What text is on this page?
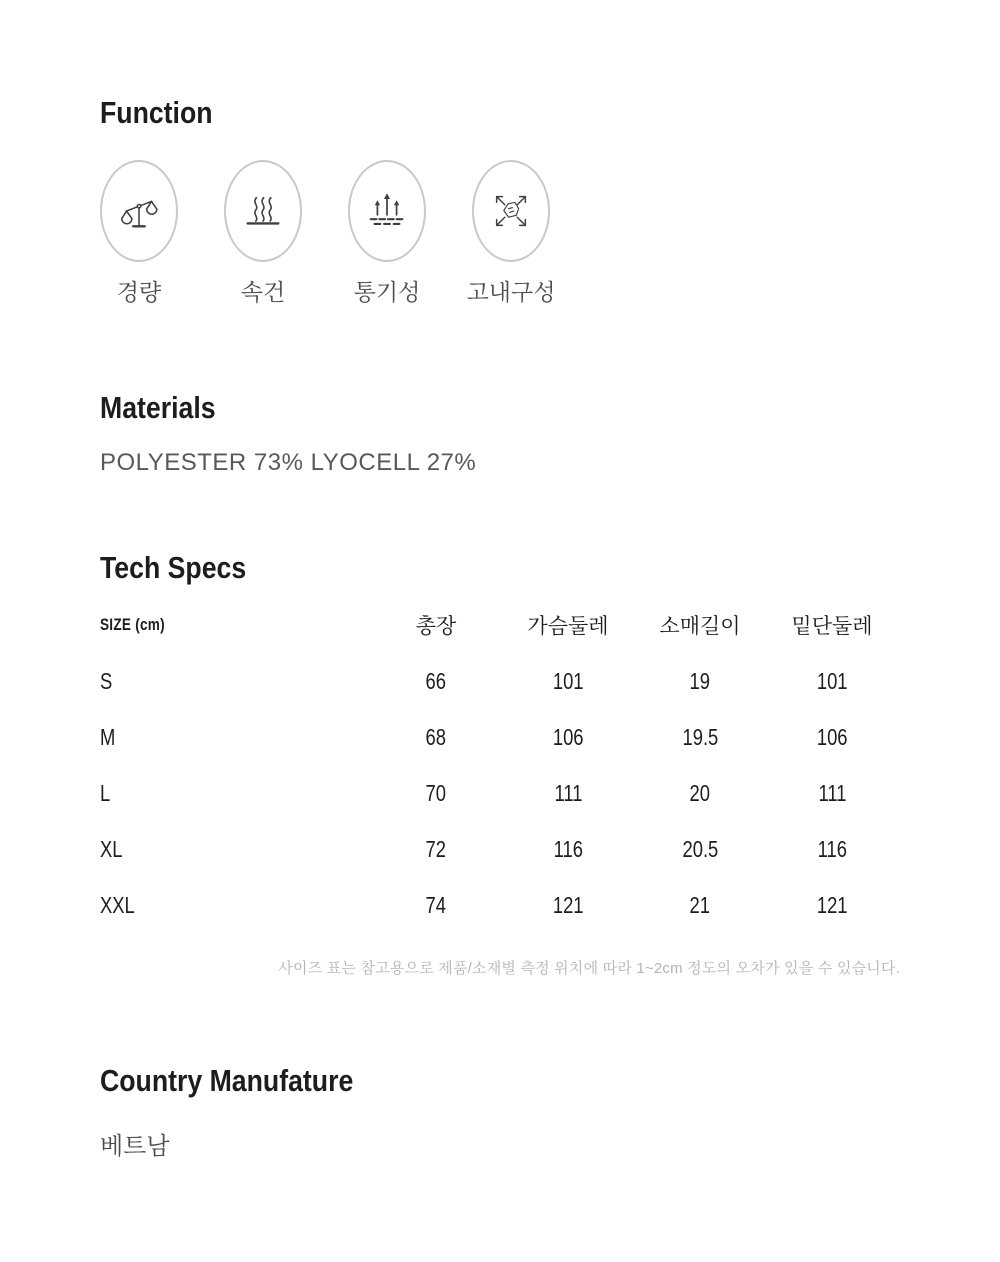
Function
경량	속건	통기성 고내구성
Materials
POLYESTER 73% LYOCELL 27%
Tech Specs
SIZE (cm)	총장	가슴둘레	소매길이	밑단둘레
S	66	101	19	101
M	68	106	19.5	106
L	70	111	20	111
XL	72	116	20.5	116
XXL	74	121	21	121
사이즈 표는 참고용으로 제품/소재별 측정 위치에 따라 1~2cm 정도의 오차가 있을 수 있습니다.
Country Manufature
베트남
